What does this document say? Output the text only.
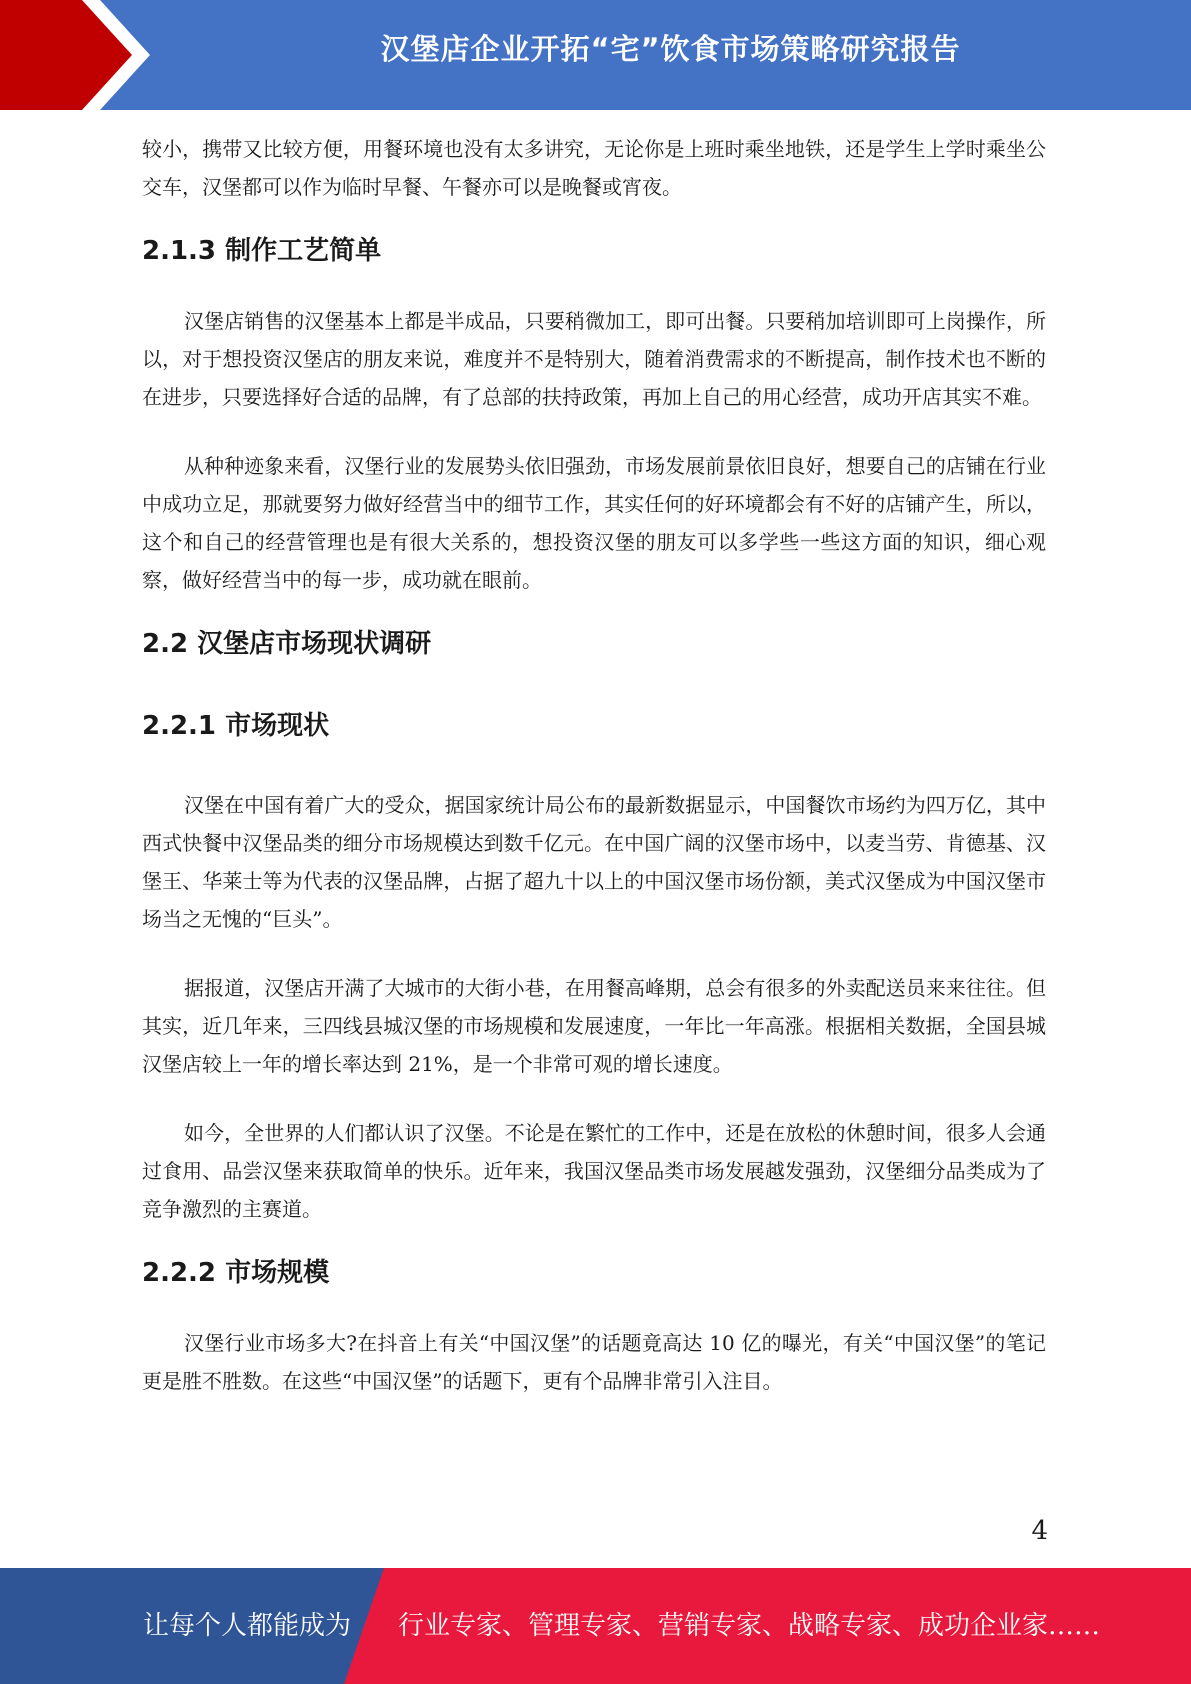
汉堡店企业开拓“宅”饮食市场策略研究报告

较小，携带又比较方便，用餐环境也没有太多讲究，无论你是上班时乘坐地铁，还是学生上学时乘坐公交车，汉堡都可以作为临时早餐、午餐亦可以是晚餐或宵夜。

2.1.3 制作工艺简单

汉堡店销售的汉堡基本上都是半成品，只要稍微加工，即可出餐。只要稍加培训即可上岗操作，所以，对于想投资汉堡店的朋友来说，难度并不是特别大，随着消费需求的不断提高，制作技术也不断的在进步，只要选择好合适的品牌，有了总部的扶持政策，再加上自己的用心经营，成功开店其实不难。

从种种迹象来看，汉堡行业的发展势头依旧强劲，市场发展前景依旧良好，想要自己的店铺在行业中成功立足，那就要努力做好经营当中的细节工作，其实任何的好环境都会有不好的店铺产生，所以，这个和自己的经营管理也是有很大关系的，想投资汉堡的朋友可以多学些一些这方面的知识，细心观察，做好经营当中的每一步，成功就在眼前。

2.2 汉堡店市场现状调研
2.2.1 市场现状

汉堡在中国有着广大的受众，据国家统计局公布的最新数据显示，中国餐饮市场约为四万亿，其中西式快餐中汉堡品类的细分市场规模达到数千亿元。在中国广阔的汉堡市场中，以麦当劳、肯德基、汉堡王、华莱士等为代表的汉堡品牌，占据了超九十以上的中国汉堡市场份额，美式汉堡成为中国汉堡市场当之无愧的“巨头”。

据报道，汉堡店开满了大城市的大街小巷，在用餐高峰期，总会有很多的外卖配送员来来往往。但其实，近几年来，三四线县城汉堡的市场规模和发展速度，一年比一年高涨。根据相关数据，全国县城汉堡店较上一年的增长率达到 21%，是一个非常可观的增长速度。

如今，全世界的人们都认识了汉堡。不论是在繁忙的工作中，还是在放松的休憩时间，很多人会通过食用、品尝汉堡来获取简单的快乐。近年来，我国汉堡品类市场发展越发强劲，汉堡细分品类成为了竞争激烈的主赛道。

2.2.2 市场规模

汉堡行业市场多大?在抖音上有关“中国汉堡”的话题竟高达 10 亿的曝光，有关“中国汉堡”的笔记更是胜不胜数。在这些“中国汉堡”的话题下，更有个品牌非常引入注目。

4
让每个人都能成为 行业专家、管理专家、营销专家、战略专家、成功企业家……
